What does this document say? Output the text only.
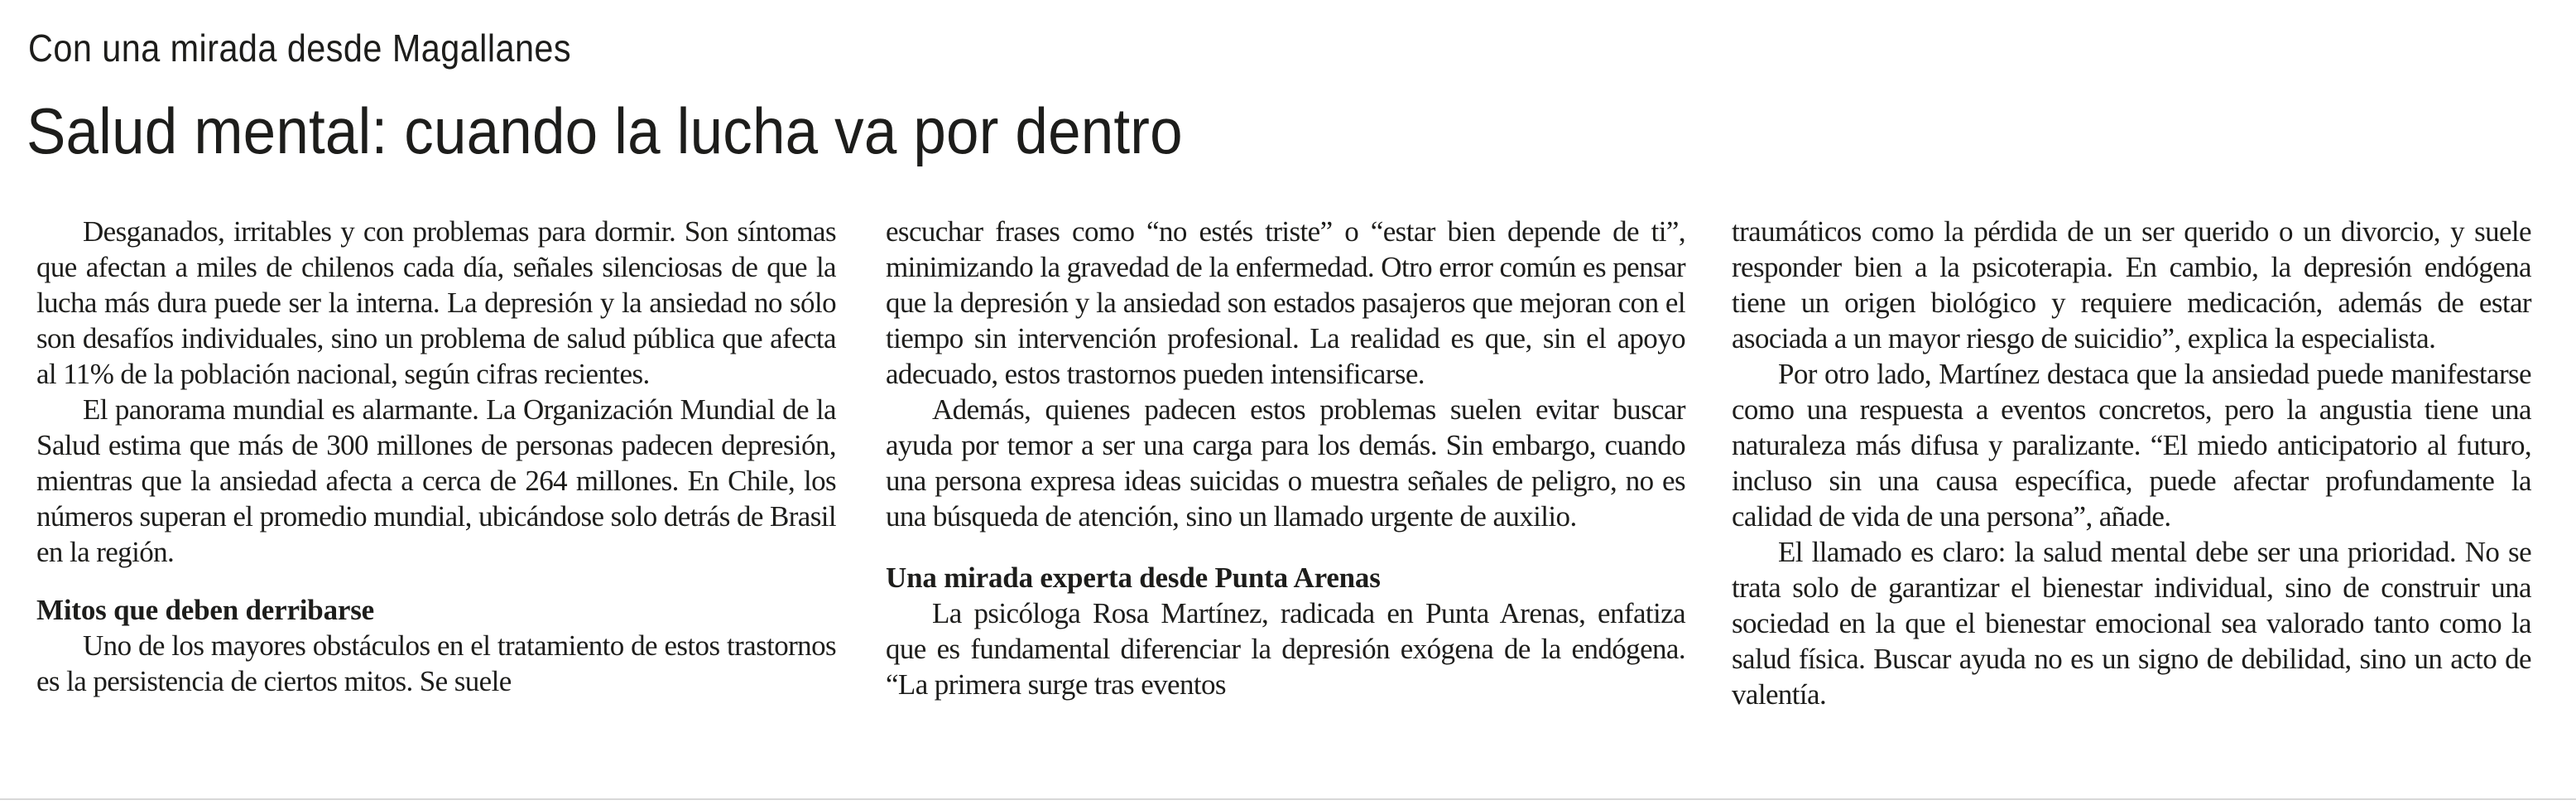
Con una mirada desde Magallanes
Salud mental: cuando la lucha va por dentro

Desganados, irritables y con problemas para dormir. Son síntomas que afectan a miles de chilenos cada día, señales silenciosas de que la lucha más dura puede ser la interna. La depresión y la ansiedad no sólo son desafíos individuales, sino un problema de salud pública que afecta al 11% de la población nacional, según cifras recientes.

El panorama mundial es alarmante. La Organización Mundial de la Salud estima que más de 300 millones de personas padecen depresión, mientras que la ansiedad afecta a cerca de 264 millones. En Chile, los números superan el promedio mundial, ubicándose solo detrás de Brasil en la región.

Mitos que deben derribarse

Uno de los mayores obstáculos en el tratamiento de estos trastornos es la persistencia de ciertos mitos. Se suele

escuchar frases como “no estés triste” o “estar bien depende de ti”, minimizando la gravedad de la enfermedad. Otro error común es pensar que la depresión y la ansiedad son estados pasajeros que mejoran con el tiempo sin intervención profesional. La realidad es que, sin el apoyo adecuado, estos trastornos pueden intensificarse.

Además, quienes padecen estos problemas suelen evitar buscar ayuda por temor a ser una carga para los demás. Sin embargo, cuando una persona expresa ideas suicidas o muestra señales de peligro, no es una búsqueda de atención, sino un llamado urgente de auxilio.

Una mirada experta desde Punta Arenas

La psicóloga Rosa Martínez, radicada en Punta Arenas, enfatiza que es fundamental diferenciar la depresión exógena de la endógena. “La primera surge tras eventos

traumáticos como la pérdida de un ser querido o un divorcio, y suele responder bien a la psicoterapia. En cambio, la depresión endógena tiene un origen biológico y requiere medicación, además de estar asociada a un mayor riesgo de suicidio”, explica la especialista.

Por otro lado, Martínez destaca que la ansiedad puede manifestarse como una respuesta a eventos concretos, pero la angustia tiene una naturaleza más difusa y paralizante. “El miedo anticipatorio al futuro, incluso sin una causa específica, puede afectar profundamente la calidad de vida de una persona”, añade.

El llamado es claro: la salud mental debe ser una prioridad. No se trata solo de garantizar el bienestar individual, sino de construir una sociedad en la que el bienestar emocional sea valorado tanto como la salud física. Buscar ayuda no es un signo de debilidad, sino un acto de valentía.
